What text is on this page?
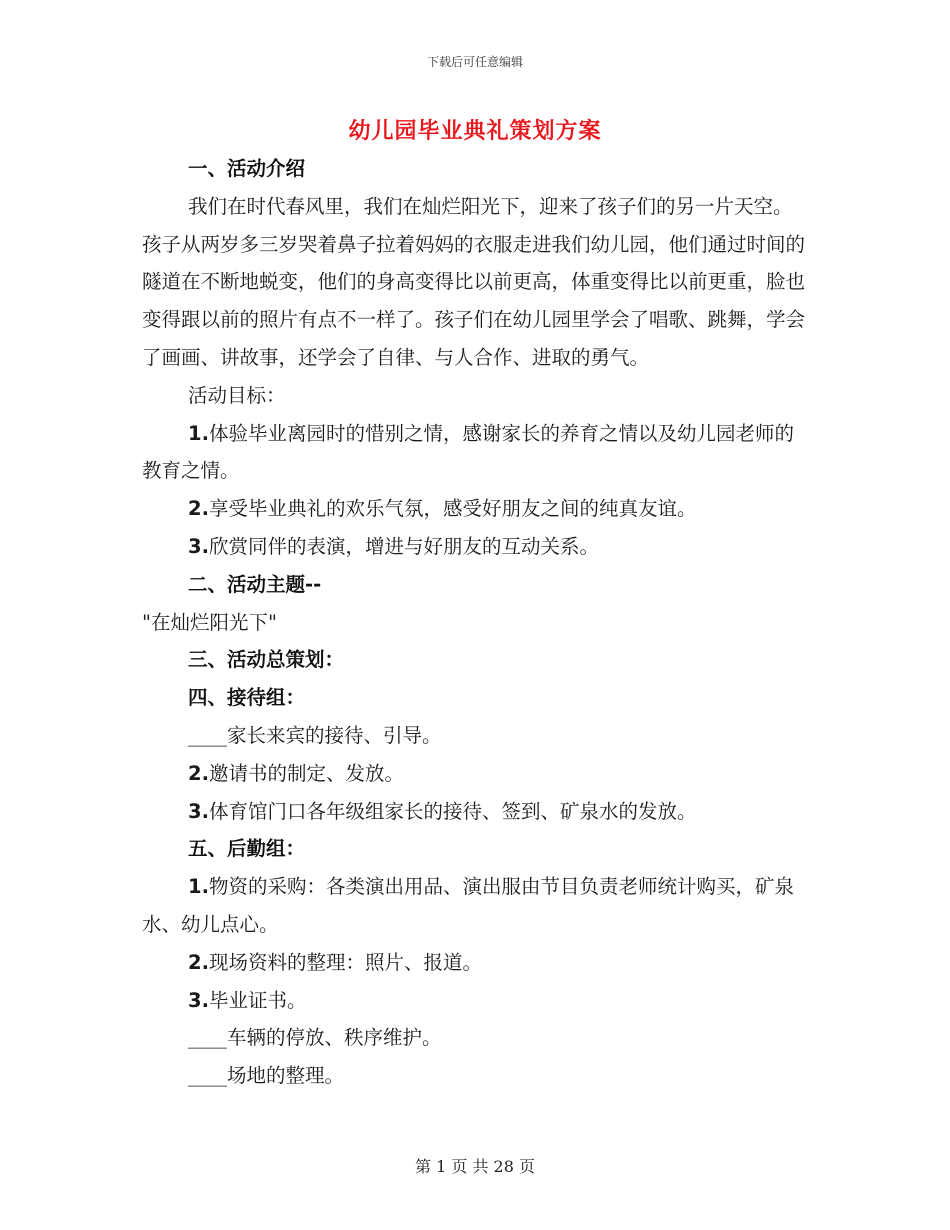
下载后可任意编辑
幼儿园毕业典礼策划方案

一、活动介绍

我们在时代春风里，我们在灿烂阳光下，迎来了孩子们的另一片天空。孩子从两岁多三岁哭着鼻子拉着妈妈的衣服走进我们幼儿园，他们通过时间的隧道在不断地蜕变，他们的身高变得比以前更高，体重变得比以前更重，脸也变得跟以前的照片有点不一样了。孩子们在幼儿园里学会了唱歌、跳舞，学会了画画、讲故事，还学会了自律、与人合作、进取的勇气。

活动目标：

1.体验毕业离园时的惜别之情，感谢家长的养育之情以及幼儿园老师的教育之情。

2.享受毕业典礼的欢乐气氛，感受好朋友之间的纯真友谊。

3.欣赏同伴的表演，增进与好朋友的互动关系。

二、活动主题--

"在灿烂阳光下"

三、活动总策划：

四、接待组：

____家长来宾的接待、引导。

2.邀请书的制定、发放。

3.体育馆门口各年级组家长的接待、签到、矿泉水的发放。

五、后勤组：

1.物资的采购：各类演出用品、演出服由节目负责老师统计购买，矿泉水、幼儿点心。

2.现场资料的整理：照片、报道。

3.毕业证书。

____车辆的停放、秩序维护。

____场地的整理。

第 1 页 共 28 页
